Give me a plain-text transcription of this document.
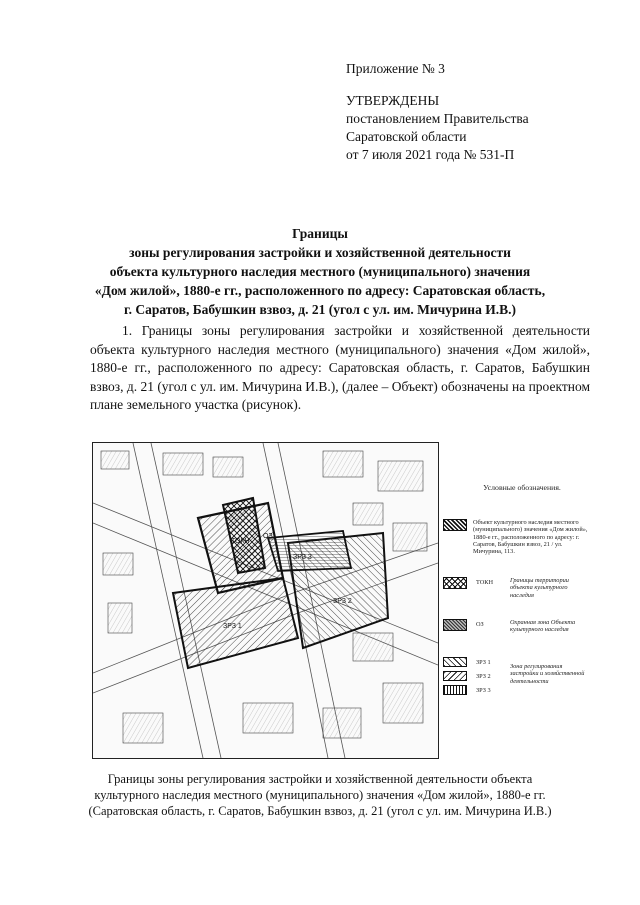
Приложение № 3
УТВЕРЖДЕНЫ
постановлением Правительства
Саратовской области
от 7 июля 2021 года № 531-П
Границы
зоны регулирования застройки и хозяйственной деятельности
объекта культурного наследия местного (муниципального) значения
«Дом жилой», 1880-е гг., расположенного по адресу: Саратовская область,
г. Саратов, Бабушкин взвоз, д. 21 (угол с ул. им. Мичурина И.В.)
1. Границы зоны регулирования застройки и хозяйственной деятельности объекта культурного наследия местного (муниципального) значения «Дом жилой», 1880-е гг., расположенного по адресу: Саратовская область, г. Саратов, Бабушкин взвоз, д. 21 (угол с ул. им. Мичурина И.В.), (далее – Объект) обозначены на проектном плане земельного участка (рисунок).
ТОКН
ОЗ
ЗРЗ 1
ЗРЗ 2
ЗРЗ 3
Условные обозначения.
Объект культурного наследия местного (муниципального) значения «Дом жилой», 1880-е гг., расположенного по адресу: г. Саратов, Бабушкин взвоз, 21 / ул. Мичурина, 113.
ТОКН	Границы территории объекта культурного наследия
ОЗ	Охранная зона Объекта культурного наследия
ЗРЗ 1
Зона регулирования застройки и хозяйственной деятельности
ЗРЗ 2
ЗРЗ 3
Границы зоны регулирования застройки и хозяйственной деятельности объекта
культурного наследия местного (муниципального) значения «Дом жилой», 1880-е гг.
(Саратовская область, г. Саратов, Бабушкин взвоз, д. 21 (угол с ул. им. Мичурина И.В.)
